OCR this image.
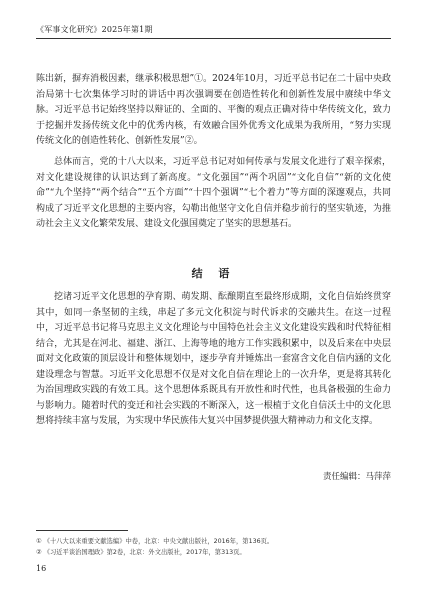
《军事文化研究》2025年第1期

陈出新，摒弃消极因素，继承积极思想”①。2024年10月，习近平总书记在二十届中央政治局第十七次集体学习时的讲话中再次强调要在创造性转化和创新性发展中赓续中华文脉。习近平总书记始终坚持以辩证的、全面的、平衡的观点正确对待中华传统文化，致力于挖掘并发扬传统文化中的优秀内核，有效融合国外优秀文化成果为我所用，“努力实现传统文化的创造性转化、创新性发展”②。

总体而言，党的十八大以来，习近平总书记对如何传承与发展文化进行了艰辛探索，对文化建设规律的认识达到了新高度。“文化强国”“两个巩固”“文化自信”“新的文化使命”“九个坚持”“两个结合”“五个方面”“十四个强调”“七个着力”等方面的深邃观点，共同构成了习近平文化思想的主要内容，勾勒出他坚守文化自信并稳步前行的坚实轨迹，为推动社会主义文化繁荣发展、建设文化强国奠定了坚实的思想基石。

结 语

挖诸习近平文化思想的孕育期、萌发期、酝酿期直至最终形成期，文化自信始终贯穿其中，如同一条坚韧的主线，串起了多元文化积淀与时代诉求的交融共生。在这一过程中，习近平总书记将马克思主义文化理论与中国特色社会主义文化建设实践和时代特征相结合，尤其是在河北、福建、浙江、上海等地的地方工作实践积累中，以及后来在中央层面对文化政策的顶层设计和整体规划中，逐步孕育并锤炼出一套富含文化自信内涵的文化建设理念与智慧。习近平文化思想不仅是对文化自信在理论上的一次升华，更是将其转化为治国理政实践的有效工具。这个思想体系既具有开放性和时代性，也具备极强的生命力与影响力。随着时代的变迁和社会实践的不断深入，这一根植于文化自信沃土中的文化思想将持续丰富与发展，为实现中华民族伟大复兴中国梦提供强大精神动力和文化支撑。

责任编辑：马萍萍
① 《十八大以来重要文献选编》中卷，北京：中央文献出版社，2016年，第136页。
② 《习近平谈治国理政》第2卷，北京：外文出版社，2017年，第313页。
16
